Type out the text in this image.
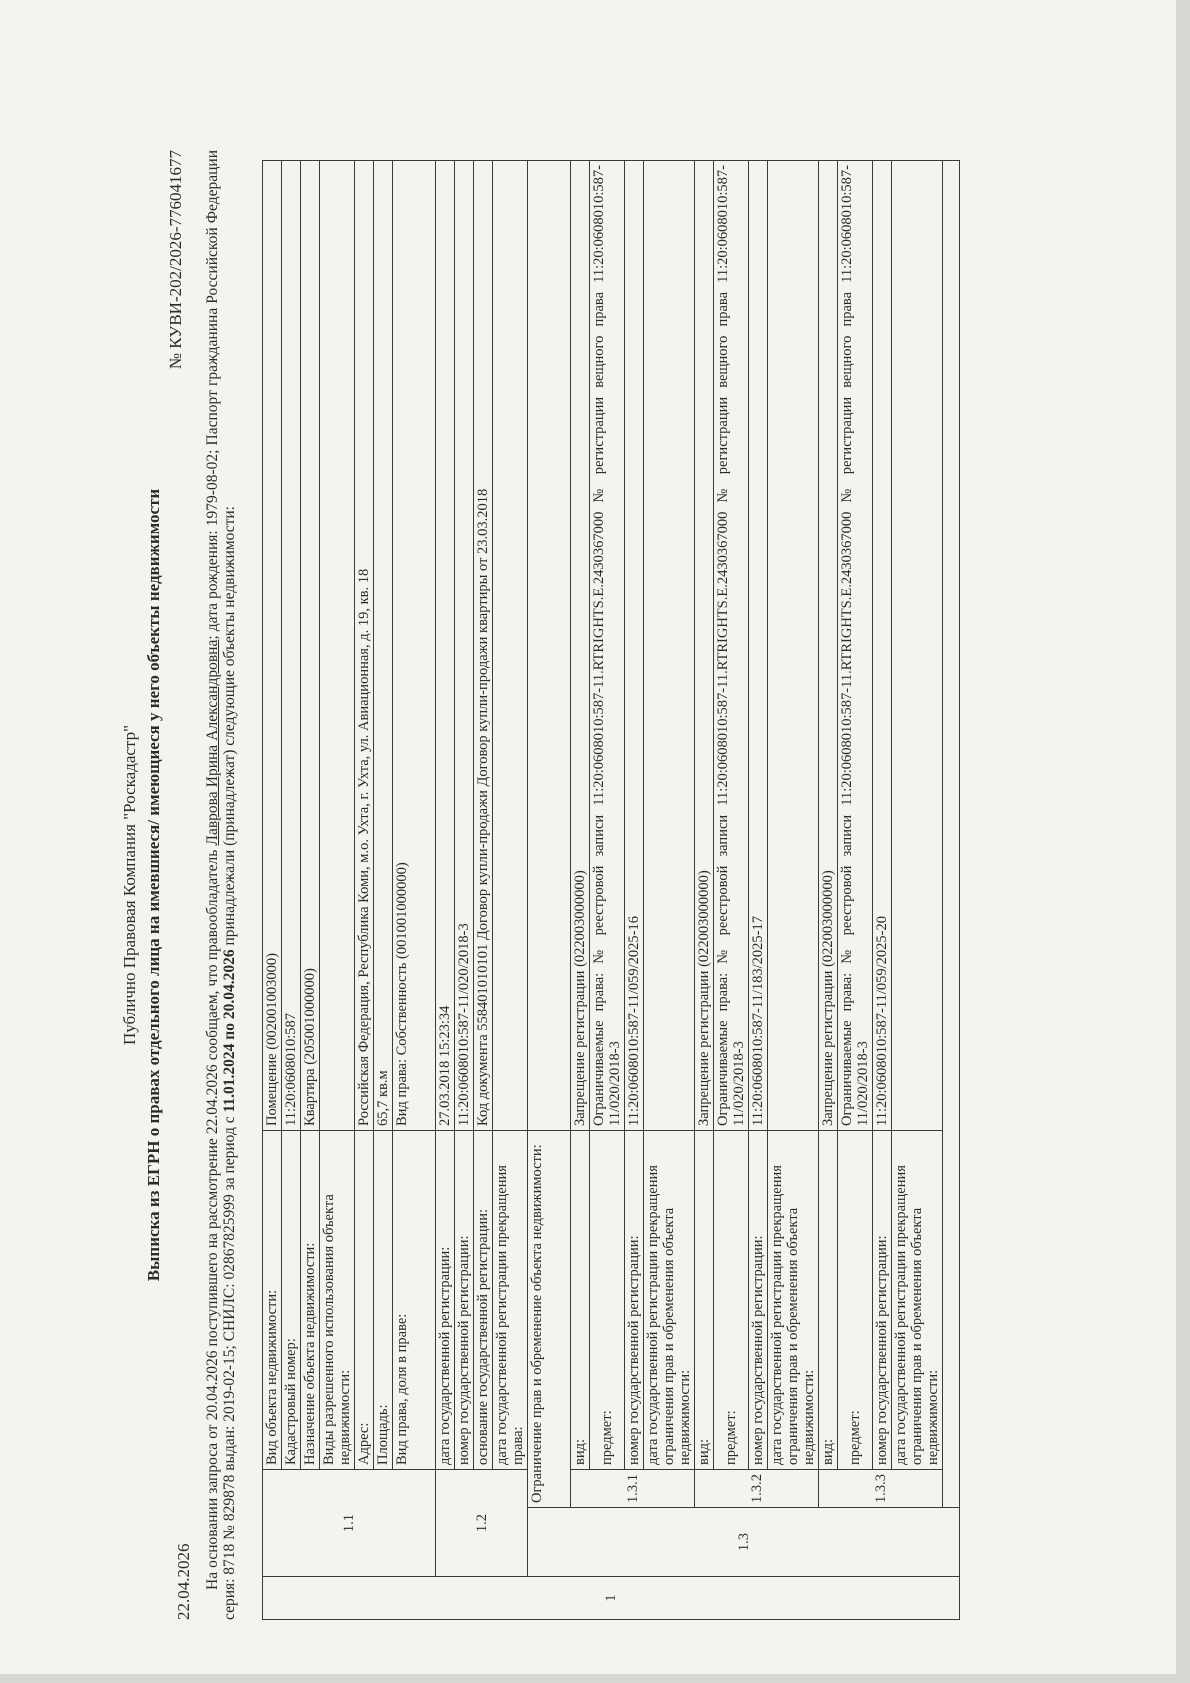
Публично Правовая Компания "Роскадастр" Выписка из ЕГРН о правах отдельного лица на имевшиеся/ имеющиеся у него объекты недвижимости
22.04.2026
№ КУВИ-202/2026-776041677
На основании запроса от 20.04.2026 поступившего на рассмотрение 22.04.2026 сообщаем, что правообладатель Лаврова Ирина Александровна; дата рождения: 1979-08-02; Паспорт гражданина Российской Федерации серия: 8718 № 829878 выдан: 2019-02-15; СНИЛС: 02867825999 за период с 11.01.2024 по 20.04.2026 принадлежали (принадлежат) следующие объекты недвижимости:
1	1.1		Вид объекта недвижимости:	Помещение (002001003000)
			Кадастровый номер:	11:20:0608010:587
			Назначение объекта недвижимости:	Квартира (205001000000)
			Виды разрешенного использования объекта недвижимости:	
			Адрес:	Российская Федерация, Республика Коми, м.о. Ухта, г. Ухта, ул. Авиационная, д. 19, кв. 18
			Площадь:	65,7 кв.м
			Вид права, доля в праве:	Вид права: Собственность (001001000000)
	1.2		дата государственной регистрации:	27.03.2018 15:23:34
			номер государственной регистрации:	11:20:0608010:587-11/020/2018-3
			основание государственной регистрации:	Код документа 558401010101 Договор купли-продажи Договор купли-продажи квартиры от 23.03.2018
			дата государственной регистрации прекращения права:	
	1.3	Ограничение прав и обременение объекта недвижимости:		
		1.3.1	вид:	Запрещение регистрации (022003000000)
			предмет:	Ограничиваемые права: № реестровой записи 11:20:0608010:587-11.RTRIGHTS.E.2430367000 № регистрации вещного права 11:20:0608010:587-11/020/2018-3
			номер государственной регистрации:	11:20:0608010:587-11/059/2025-16
			дата государственной регистрации прекращения ограничения прав и обременения объекта недвижимости:	
		1.3.2	вид:	Запрещение регистрации (022003000000)
			предмет:	Ограничиваемые права: № реестровой записи 11:20:0608010:587-11.RTRIGHTS.E.2430367000 № регистрации вещного права 11:20:0608010:587-11/020/2018-3
			номер государственной регистрации:	11:20:0608010:587-11/183/2025-17
			дата государственной регистрации прекращения ограничения прав и обременения объекта недвижимости:	
		1.3.3	вид:	Запрещение регистрации (022003000000)
			предмет:	Ограничиваемые права: № реестровой записи 11:20:0608010:587-11.RTRIGHTS.E.2430367000 № регистрации вещного права 11:20:0608010:587-11/020/2018-3
			номер государственной регистрации:	11:20:0608010:587-11/059/2025-20
			дата государственной регистрации прекращения ограничения прав и обременения объекта недвижимости:	
